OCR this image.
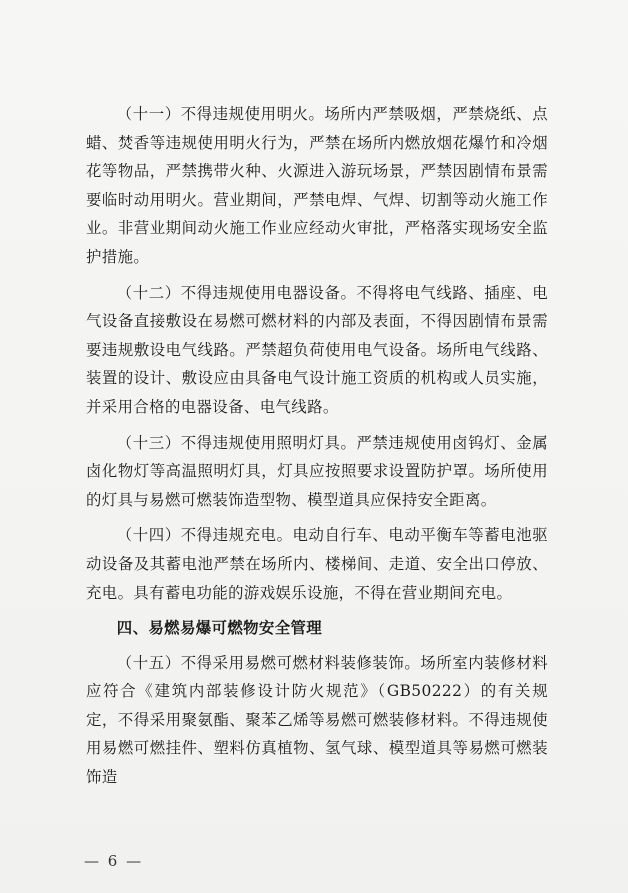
（十一）不得违规使用明火。场所内严禁吸烟，严禁烧纸、点蜡、焚香等违规使用明火行为，严禁在场所内燃放烟花爆竹和冷烟花等物品，严禁携带火种、火源进入游玩场景，严禁因剧情布景需要临时动用明火。营业期间，严禁电焊、气焊、切割等动火施工作业。非营业期间动火施工作业应经动火审批，严格落实现场安全监护措施。

（十二）不得违规使用电器设备。不得将电气线路、插座、电气设备直接敷设在易燃可燃材料的内部及表面，不得因剧情布景需要违规敷设电气线路。严禁超负荷使用电气设备。场所电气线路、装置的设计、敷设应由具备电气设计施工资质的机构或人员实施，并采用合格的电器设备、电气线路。

（十三）不得违规使用照明灯具。严禁违规使用卤钨灯、金属卤化物灯等高温照明灯具，灯具应按照要求设置防护罩。场所使用的灯具与易燃可燃装饰造型物、模型道具应保持安全距离。

（十四）不得违规充电。电动自行车、电动平衡车等蓄电池驱动设备及其蓄电池严禁在场所内、楼梯间、走道、安全出口停放、充电。具有蓄电功能的游戏娱乐设施，不得在营业期间充电。

四、易燃易爆可燃物安全管理

（十五）不得采用易燃可燃材料装修装饰。场所室内装修材料应符合《建筑内部装修设计防火规范》（GB50222）的有关规定，不得采用聚氨酯、聚苯乙烯等易燃可燃装修材料。不得违规使用易燃可燃挂件、塑料仿真植物、氢气球、模型道具等易燃可燃装饰造

— 6 —
